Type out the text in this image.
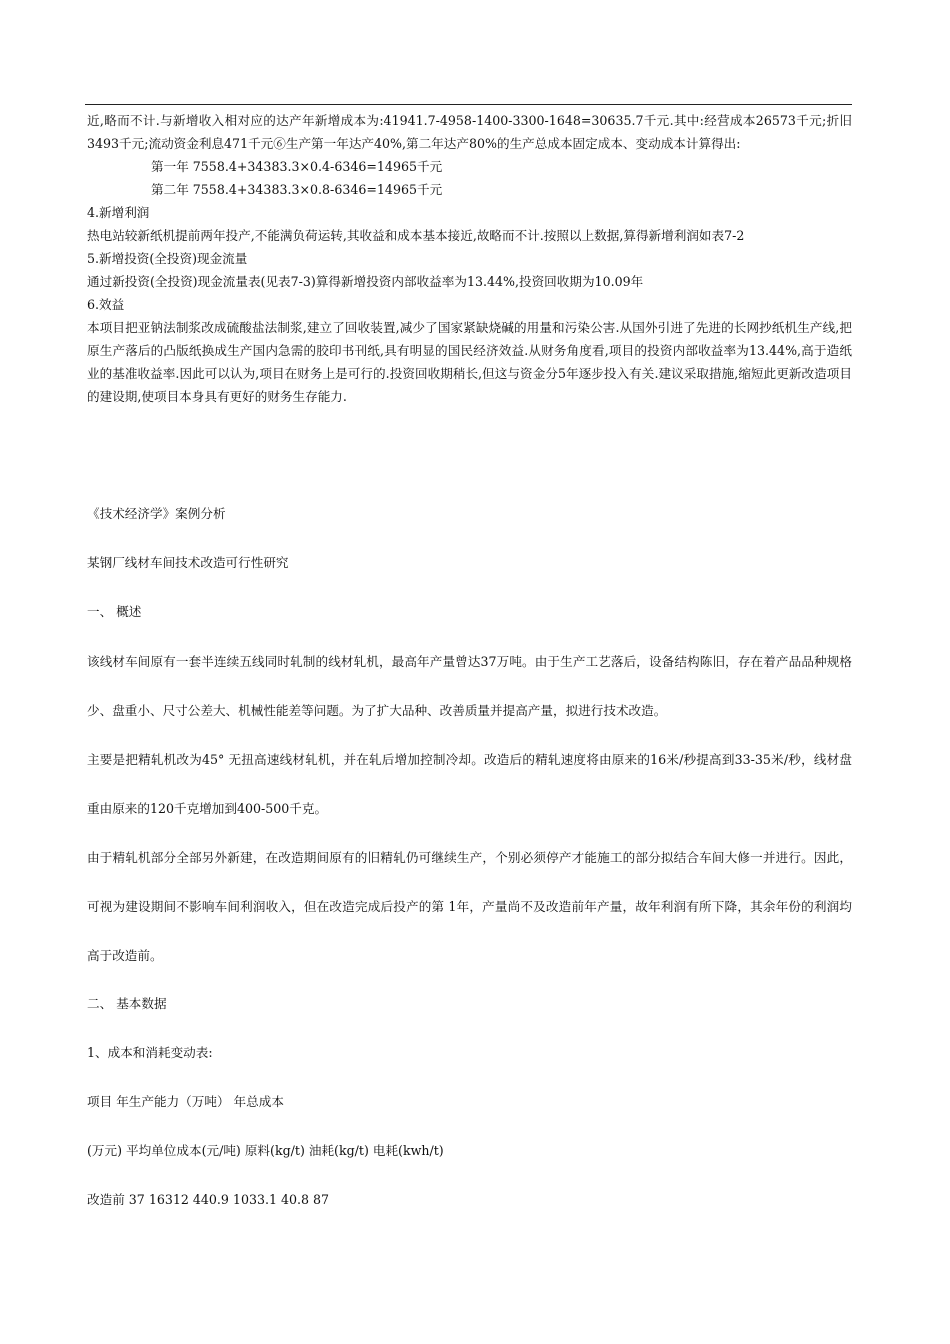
近,略而不计.与新增收入相对应的达产年新增成本为:41941.7-4958-1400-3300-1648=30635.7千元.其中:经营成本26573千元;折旧3493千元;流动资金利息471千元⑥生产第一年达产40%,第二年达产80%的生产总成本固定成本、变动成本计算得出:

第一年 7558.4+34383.3×0.4-6346=14965千元

第二年 7558.4+34383.3×0.8-6346=14965千元

4.新增利润

热电站较新纸机提前两年投产,不能满负荷运转,其收益和成本基本接近,故略而不计.按照以上数据,算得新增利润如表7-2

5.新增投资(全投资)现金流量

通过新投资(全投资)现金流量表(见表7-3)算得新增投资内部收益率为13.44%,投资回收期为10.09年

6.效益

本项目把亚钠法制浆改成硫酸盐法制浆,建立了回收装置,减少了国家紧缺烧碱的用量和污染公害.从国外引进了先进的长网抄纸机生产线,把原生产落后的凸版纸换成生产国内急需的胶印书刊纸,具有明显的国民经济效益.从财务角度看,项目的投资内部收益率为13.44%,高于造纸业的基准收益率.因此可以认为,项目在财务上是可行的.投资回收期稍长,但这与资金分5年逐步投入有关.建议采取措施,缩短此更新改造项目的建设期,使项目本身具有更好的财务生存能力.

《技术经济学》案例分析

某钢厂线材车间技术改造可行性研究

一、 概述

该线材车间原有一套半连续五线同时轧制的线材轧机，最高年产量曾达37万吨。由于生产工艺落后，设备结构陈旧，存在着产品品种规格少、盘重小、尺寸公差大、机械性能差等问题。为了扩大品种、改善质量并提高产量，拟进行技术改造。

主要是把精轧机改为45° 无扭高速线材轧机，并在轧后增加控制冷却。改造后的精轧速度将由原来的16米/秒提高到33-35米/秒，线材盘重由原来的120千克增加到400-500千克。

由于精轧机部分全部另外新建，在改造期间原有的旧精轧仍可继续生产，个别必须停产才能施工的部分拟结合车间大修一并进行。因此，可视为建设期间不影响车间利润收入，但在改造完成后投产的第 1年，产量尚不及改造前年产量，故年利润有所下降，其余年份的利润均高于改造前。

二、 基本数据

1、成本和消耗变动表:

项目 年生产能力（万吨） 年总成本

(万元) 平均单位成本(元/吨) 原料(kg/t) 油耗(kg/t) 电耗(kwh/t)

改造前 37 16312 440.9 1033.1 40.8 87
